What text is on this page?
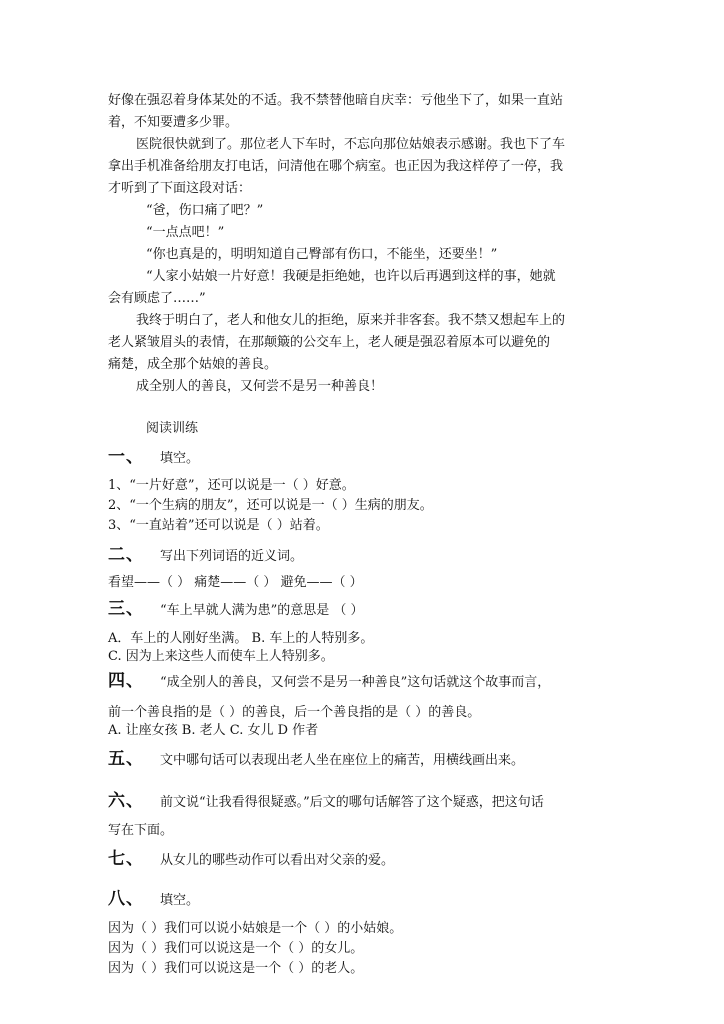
好像在强忍着身体某处的不适。我不禁替他暗自庆幸：亏他坐下了，如果一直站
着，不知要遭多少罪。
医院很快就到了。那位老人下车时，不忘向那位姑娘表示感谢。我也下了车
拿出手机准备给朋友打电话，问清他在哪个病室。也正因为我这样停了一停，我
才听到了下面这段对话：
“爸，伤口痛了吧？”
“一点点吧！”
“你也真是的，明明知道自己臀部有伤口，不能坐，还要坐！”
“人家小姑娘一片好意！我硬是拒绝她，也许以后再遇到这样的事，她就
会有顾虑了……”
我终于明白了，老人和他女儿的拒绝，原来并非客套。我不禁又想起车上的
老人紧皱眉头的表情，在那颠簸的公交车上，老人硬是强忍着原本可以避免的
痛楚，成全那个姑娘的善良。
成全别人的善良，又何尝不是另一种善良！
阅读训练
一、 填空。
1、“一片好意”，还可以说是一（ ）好意。
2、“一个生病的朋友”，还可以说是一（ ）生病的朋友。
3、“一直站着”还可以说是（ ）站着。
二、 写出下列词语的近义词。
看望——（ ） 痛楚——（ ） 避免——（ ）
三、 “车上早就人满为患”的意思是 （ ）
A．车上的人刚好坐满。 B. 车上的人特别多。
C. 因为上来这些人而使车上人特别多。
四、 “成全别人的善良，又何尝不是另一种善良”这句话就这个故事而言，
前一个善良指的是（ ）的善良，后一个善良指的是（ ）的善良。
A. 让座女孩 B. 老人 C. 女儿 D 作者
五、 文中哪句话可以表现出老人坐在座位上的痛苦，用横线画出来。
六、 前文说“让我看得很疑惑。”后文的哪句话解答了这个疑惑，把这句话
写在下面。
七、 从女儿的哪些动作可以看出对父亲的爱。
八、 填空。
因为（ ）我们可以说小姑娘是一个（ ）的小姑娘。
因为（ ）我们可以说这是一个（ ）的女儿。
因为（ ）我们可以说这是一个（ ）的老人。
